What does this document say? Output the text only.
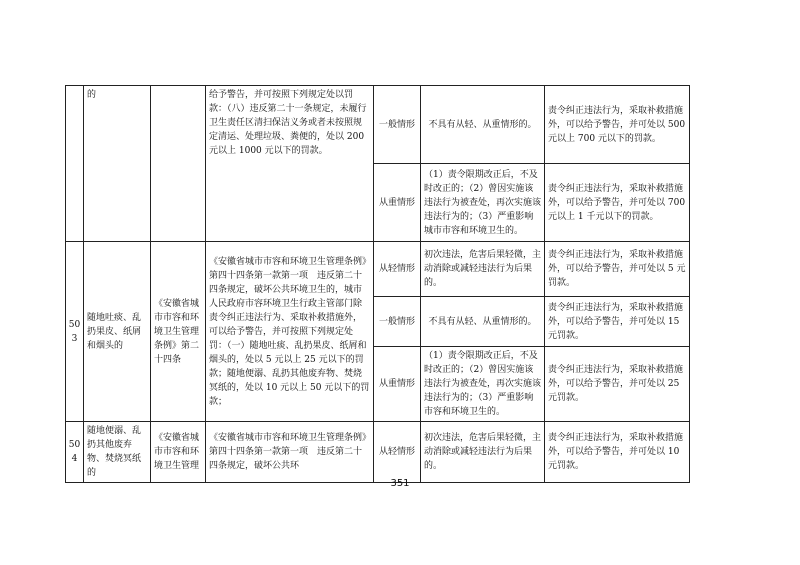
	的		给予警告，并可按照下列规定处以罚款：（八）违反第二十一条规定，未履行卫生责任区清扫保洁义务或者未按照规定清运、处理垃圾、粪便的，处以 200 元以上 1000 元以下的罚款。	一般情形	不具有从轻、从重情形的。	责令纠正违法行为，采取补救措施外，可以给予警告，并可处以 500 元以上 700 元以下的罚款。
				从重情形	（1）责令限期改正后，不及时改正的；（2）曾因实施该违法行为被查处，再次实施该违法行为的；（3）严重影响城市市容和环境卫生的。	责令纠正违法行为，采取补救措施外，可以给予警告，并可处以 700 元以上 1 千元以下的罚款。
503	随地吐痰、乱扔果皮、纸屑和烟头的	《安徽省城市市容和环境卫生管理条例》第二十四条	《安徽省城市市容和环境卫生管理条例》第四十四条第一款第一项　违反第二十四条规定，破坏公共环境卫生的，城市人民政府市容环境卫生行政主管部门除责令纠正违法行为、采取补救措施外，可以给予警告，并可按照下列规定处罚：（一）随地吐痰、乱扔果皮、纸屑和烟头的，处以 5 元以上 25 元以下的罚款；随地便溺、乱扔其他废弃物、焚烧冥纸的，处以 10 元以上 50 元以下的罚款；	从轻情形	初次违法，危害后果轻微，主动消除或减轻违法行为后果的。	责令纠正违法行为，采取补救措施外，可以给予警告，并可处以 5 元罚款。
				一般情形	不具有从轻、从重情形的。	责令纠正违法行为，采取补救措施外，可以给予警告，并可处以 15 元罚款。
				从重情形	（1）责令限期改正后，不及时改正的；（2）曾因实施该违法行为被查处，再次实施该违法行为的；（3）严重影响市容和环境卫生的。	责令纠正违法行为，采取补救措施外，可以给予警告，并可处以 25 元罚款。
504	随地便溺、乱扔其他废弃物、焚烧冥纸的	《安徽省城市市容和环境卫生管理	《安徽省城市市容和环境卫生管理条例》第四十四条第一款第一项　违反第二十四条规定，破坏公共环	从轻情形	初次违法，危害后果轻微，主动消除或减轻违法行为后果的。	责令纠正违法行为，采取补救措施外，可以给予警告，并可处以 10 元罚款。
351
